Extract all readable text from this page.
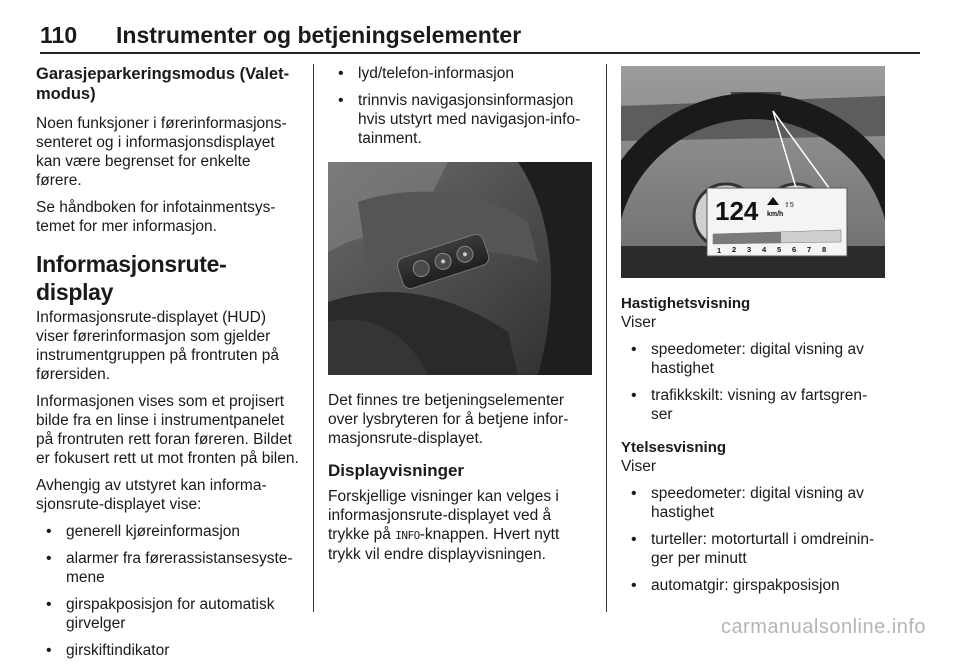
110 Instrumenter og betjeningselementer
Garasjeparkeringsmodus (Valet-modus)

Noen funksjoner i førerinformasjons-senteret og i informasjonsdisplayet kan være begrenset for enkelte førere.

Se håndboken for infotainmentsys-temet for mer informasjon.

Informasjonsrute-display

Informasjonsrute-displayet (HUD) viser førerinformasjon som gjelder instrumentgruppen på frontruten på førersiden.

Informasjonen vises som et projisert bilde fra en linse i instrumentpanelet på frontruten rett foran føreren. Bildet er fokusert rett ut mot fronten på bilen.

Avhengig av utstyret kan informa-sjonsrute-displayet vise:

• generell kjøreinformasjon
• alarmer fra førerassistansesyste-mene
• girspakposisjon for automatisk girvelger
• girskiftindikator
• lyd/telefon-informasjon
• trinnvis navigasjonsinformasjon hvis utstyrt med navigasjon-info-tainment.

Det finnes tre betjeningselementer over lysbryteren for å betjene infor-masjonsrute-displayet.

Displayvisninger

Forskjellige visninger kan velges i informasjonsrute-displayet ved å trykke på INFO-knappen. Hvert nytt trykk vil endre displayvisningen.

124
124 km/h
⇧5
1 2 3 4 5 6 7 8
Hastighetsvisning

Viser

• speedometer: digital visning av hastighet
• trafikkskilt: visning av fartsgren-ser
Ytelsesvisning

Viser

• speedometer: digital visning av hastighet
• turteller: motorturtall i omdreinin-ger per minutt
• automatgir: girspakposisjon
carmanualsonline.info
